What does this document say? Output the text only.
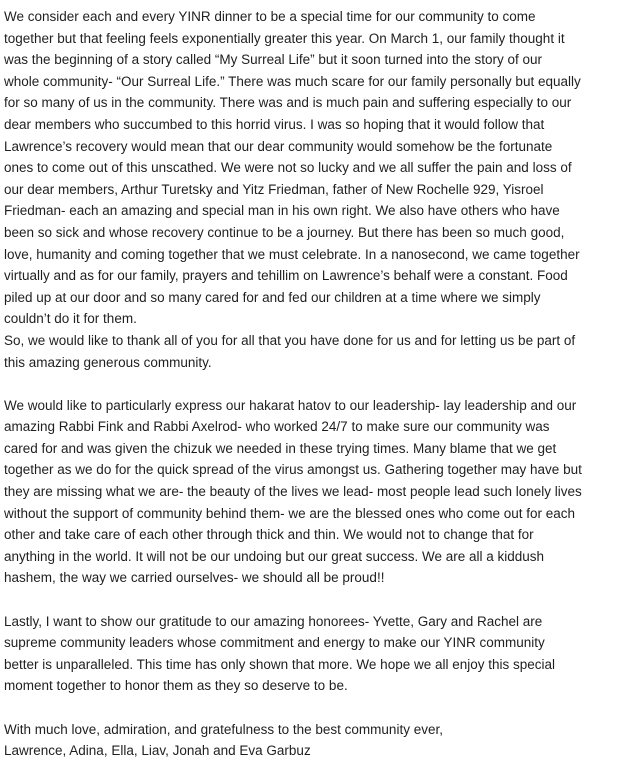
We consider each and every YINR dinner to be a special time for our community to come
together but that feeling feels exponentially greater this year. On March 1, our family thought it
was the beginning of a story called “My Surreal Life” but it soon turned into the story of our
whole community- “Our Surreal Life.” There was much scare for our family personally but equally
for so many of us in the community. There was and is much pain and suffering especially to our
dear members who succumbed to this horrid virus. I was so hoping that it would follow that
Lawrence’s recovery would mean that our dear community would somehow be the fortunate
ones to come out of this unscathed. We were not so lucky and we all suffer the pain and loss of
our dear members, Arthur Turetsky and Yitz Friedman, father of New Rochelle 929, Yisroel
Friedman- each an amazing and special man in his own right. We also have others who have
been so sick and whose recovery continue to be a journey. But there has been so much good,
love, humanity and coming together that we must celebrate. In a nanosecond, we came together
virtually and as for our family, prayers and tehillim on Lawrence’s behalf were a constant. Food
piled up at our door and so many cared for and fed our children at a time where we simply
couldn’t do it for them.

So, we would like to thank all of you for all that you have done for us and for letting us be part of
this amazing generous community.

We would like to particularly express our hakarat hatov to our leadership- lay leadership and our
amazing Rabbi Fink and Rabbi Axelrod- who worked 24/7 to make sure our community was
cared for and was given the chizuk we needed in these trying times. Many blame that we get
together as we do for the quick spread of the virus amongst us. Gathering together may have but
they are missing what we are- the beauty of the lives we lead- most people lead such lonely lives
without the support of community behind them- we are the blessed ones who come out for each
other and take care of each other through thick and thin. We would not to change that for
anything in the world. It will not be our undoing but our great success. We are all a kiddush
hashem, the way we carried ourselves- we should all be proud!!

Lastly, I want to show our gratitude to our amazing honorees- Yvette, Gary and Rachel are
supreme community leaders whose commitment and energy to make our YINR community
better is unparalleled. This time has only shown that more. We hope we all enjoy this special
moment together to honor them as they so deserve to be.

With much love, admiration, and gratefulness to the best community ever,

Lawrence, Adina, Ella, Liav, Jonah and Eva Garbuz
